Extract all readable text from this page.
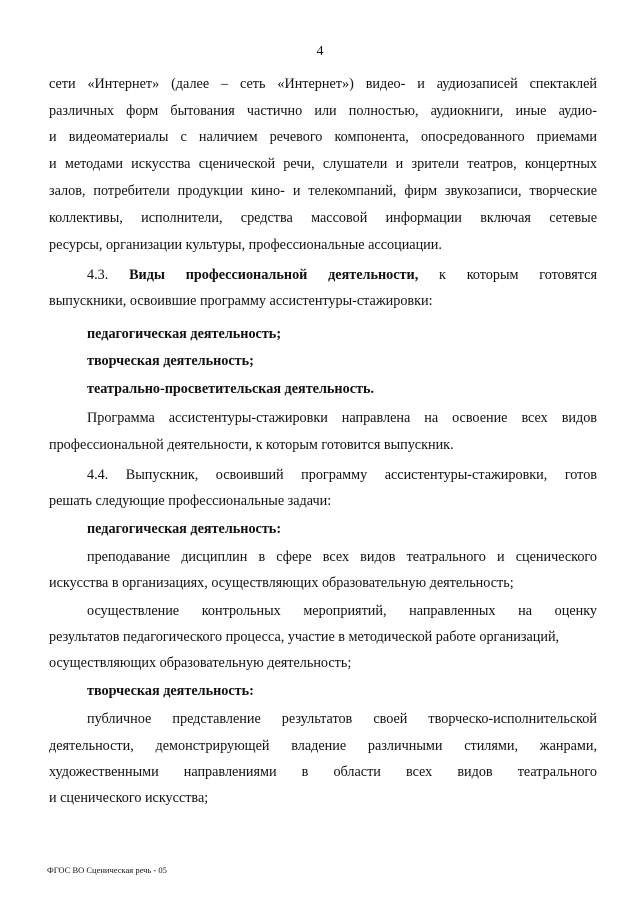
4
сети «Интернет» (далее – сеть «Интернет») видео- и аудиозаписей спектаклей
различных форм бытования частично или полностью, аудиокниги, иные аудио-
и видеоматериалы с наличием речевого компонента, опосредованного приемами
и методами искусства сценической речи, слушатели и зрители театров, концертных
залов, потребители продукции кино- и телекомпаний, фирм звукозаписи, творческие
коллективы, исполнители, средства массовой информации включая сетевые
ресурсы, организации культуры, профессиональные ассоциации.
4.3. Виды профессиональной деятельности, к которым готовятся
выпускники, освоившие программу ассистентуры-стажировки:
педагогическая деятельность;
творческая деятельность;
театрально-просветительская деятельность.
Программа ассистентуры-стажировки направлена на освоение всех видов
профессиональной деятельности, к которым готовится выпускник.
4.4. Выпускник, освоивший программу ассистентуры-стажировки, готов
решать следующие профессиональные задачи:
педагогическая деятельность:
преподавание дисциплин в сфере всех видов театрального и сценического
искусства в организациях, осуществляющих образовательную деятельность;
осуществление контрольных мероприятий, направленных на оценку
результатов педагогического процесса, участие в методической работе организаций,
осуществляющих образовательную деятельность;
творческая деятельность:
публичное представление результатов своей творческо-исполнительской
деятельности, демонстрирующей владение различными стилями, жанрами,
художественными направлениями в области всех видов театрального
и сценического искусства;
ФГОС ВО Сценическая речь - 05
